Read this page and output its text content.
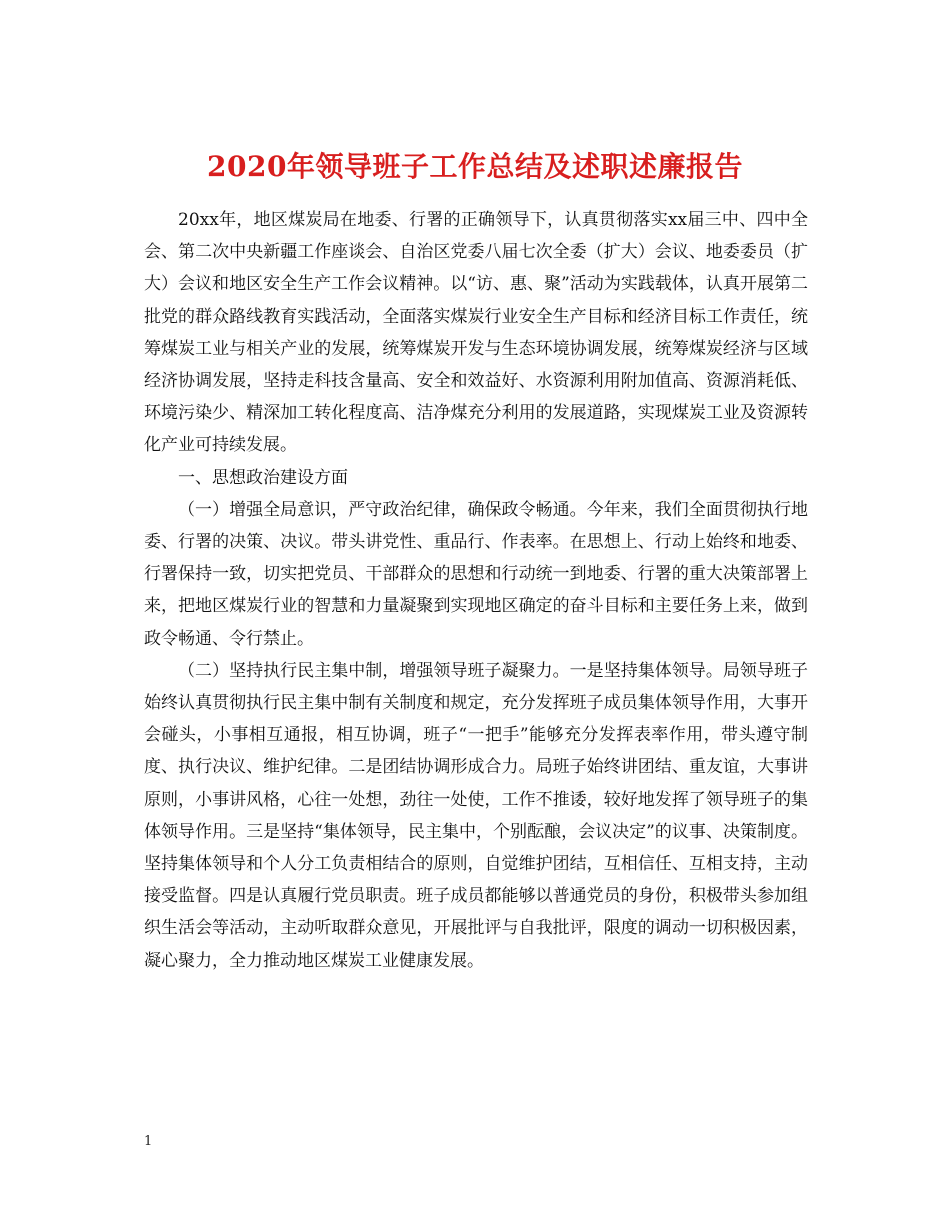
2020年领导班子工作总结及述职述廉报告

20xx年，地区煤炭局在地委、行署的正确领导下，认真贯彻落实xx届三中、四中全会、第二次中央新疆工作座谈会、自治区党委八届七次全委（扩大）会议、地委委员（扩大）会议和地区安全生产工作会议精神。以“访、惠、聚”活动为实践载体，认真开展第二批党的群众路线教育实践活动，全面落实煤炭行业安全生产目标和经济目标工作责任，统筹煤炭工业与相关产业的发展，统筹煤炭开发与生态环境协调发展，统筹煤炭经济与区域经济协调发展，坚持走科技含量高、安全和效益好、水资源利用附加值高、资源消耗低、环境污染少、精深加工转化程度高、洁净煤充分利用的发展道路，实现煤炭工业及资源转化产业可持续发展。

一、思想政治建设方面

（一）增强全局意识，严守政治纪律，确保政令畅通。今年来，我们全面贯彻执行地委、行署的决策、决议。带头讲党性、重品行、作表率。在思想上、行动上始终和地委、行署保持一致，切实把党员、干部群众的思想和行动统一到地委、行署的重大决策部署上来，把地区煤炭行业的智慧和力量凝聚到实现地区确定的奋斗目标和主要任务上来，做到政令畅通、令行禁止。

（二）坚持执行民主集中制，增强领导班子凝聚力。一是坚持集体领导。局领导班子始终认真贯彻执行民主集中制有关制度和规定，充分发挥班子成员集体领导作用，大事开会碰头，小事相互通报，相互协调，班子“一把手”能够充分发挥表率作用，带头遵守制度、执行决议、维护纪律。二是团结协调形成合力。局班子始终讲团结、重友谊，大事讲原则，小事讲风格，心往一处想，劲往一处使，工作不推诿，较好地发挥了领导班子的集体领导作用。三是坚持“集体领导，民主集中，个别酝酿，会议决定”的议事、决策制度。坚持集体领导和个人分工负责相结合的原则，自觉维护团结，互相信任、互相支持，主动接受监督。四是认真履行党员职责。班子成员都能够以普通党员的身份，积极带头参加组织生活会等活动，主动听取群众意见，开展批评与自我批评，限度的调动一切积极因素，凝心聚力，全力推动地区煤炭工业健康发展。

1
